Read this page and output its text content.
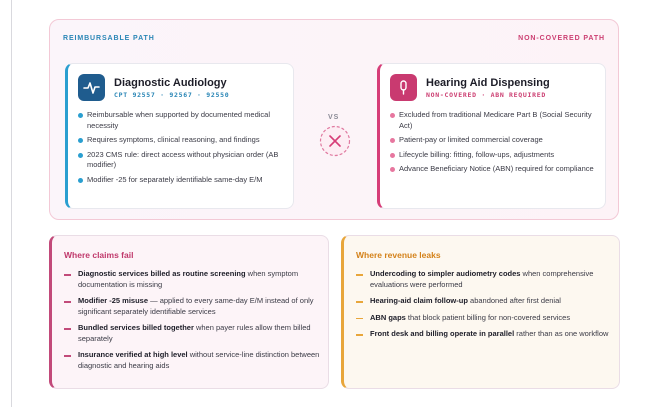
REIMBURSABLE PATH	NON-COVERED PATH
Diagnostic Audiology
CPT 92557 · 92567 · 92550
Reimbursable when supported by documented medical necessity
Requires symptoms, clinical reasoning, and findings
2023 CMS rule: direct access without physician order (AB modifier)
Modifier -25 for separately identifiable same-day E/M
VS
Hearing Aid Dispensing
NON-COVERED · ABN REQUIRED
Excluded from traditional Medicare Part B (Social Security Act)
Patient-pay or limited commercial coverage
Lifecycle billing: fitting, follow-ups, adjustments
Advance Beneficiary Notice (ABN) required for compliance
Where claims fail
Diagnostic services billed as routine screening when symptom documentation is missing
Modifier -25 misuse — applied to every same-day E/M instead of only significant separately identifiable services
Bundled services billed together when payer rules allow them billed separately
Insurance verified at high level without service-line distinction between diagnostic and hearing aids
Where revenue leaks
Undercoding to simpler audiometry codes when comprehensive evaluations were performed
Hearing-aid claim follow-up abandoned after first denial
ABN gaps that block patient billing for non-covered services
Front desk and billing operate in parallel rather than as one workflow
